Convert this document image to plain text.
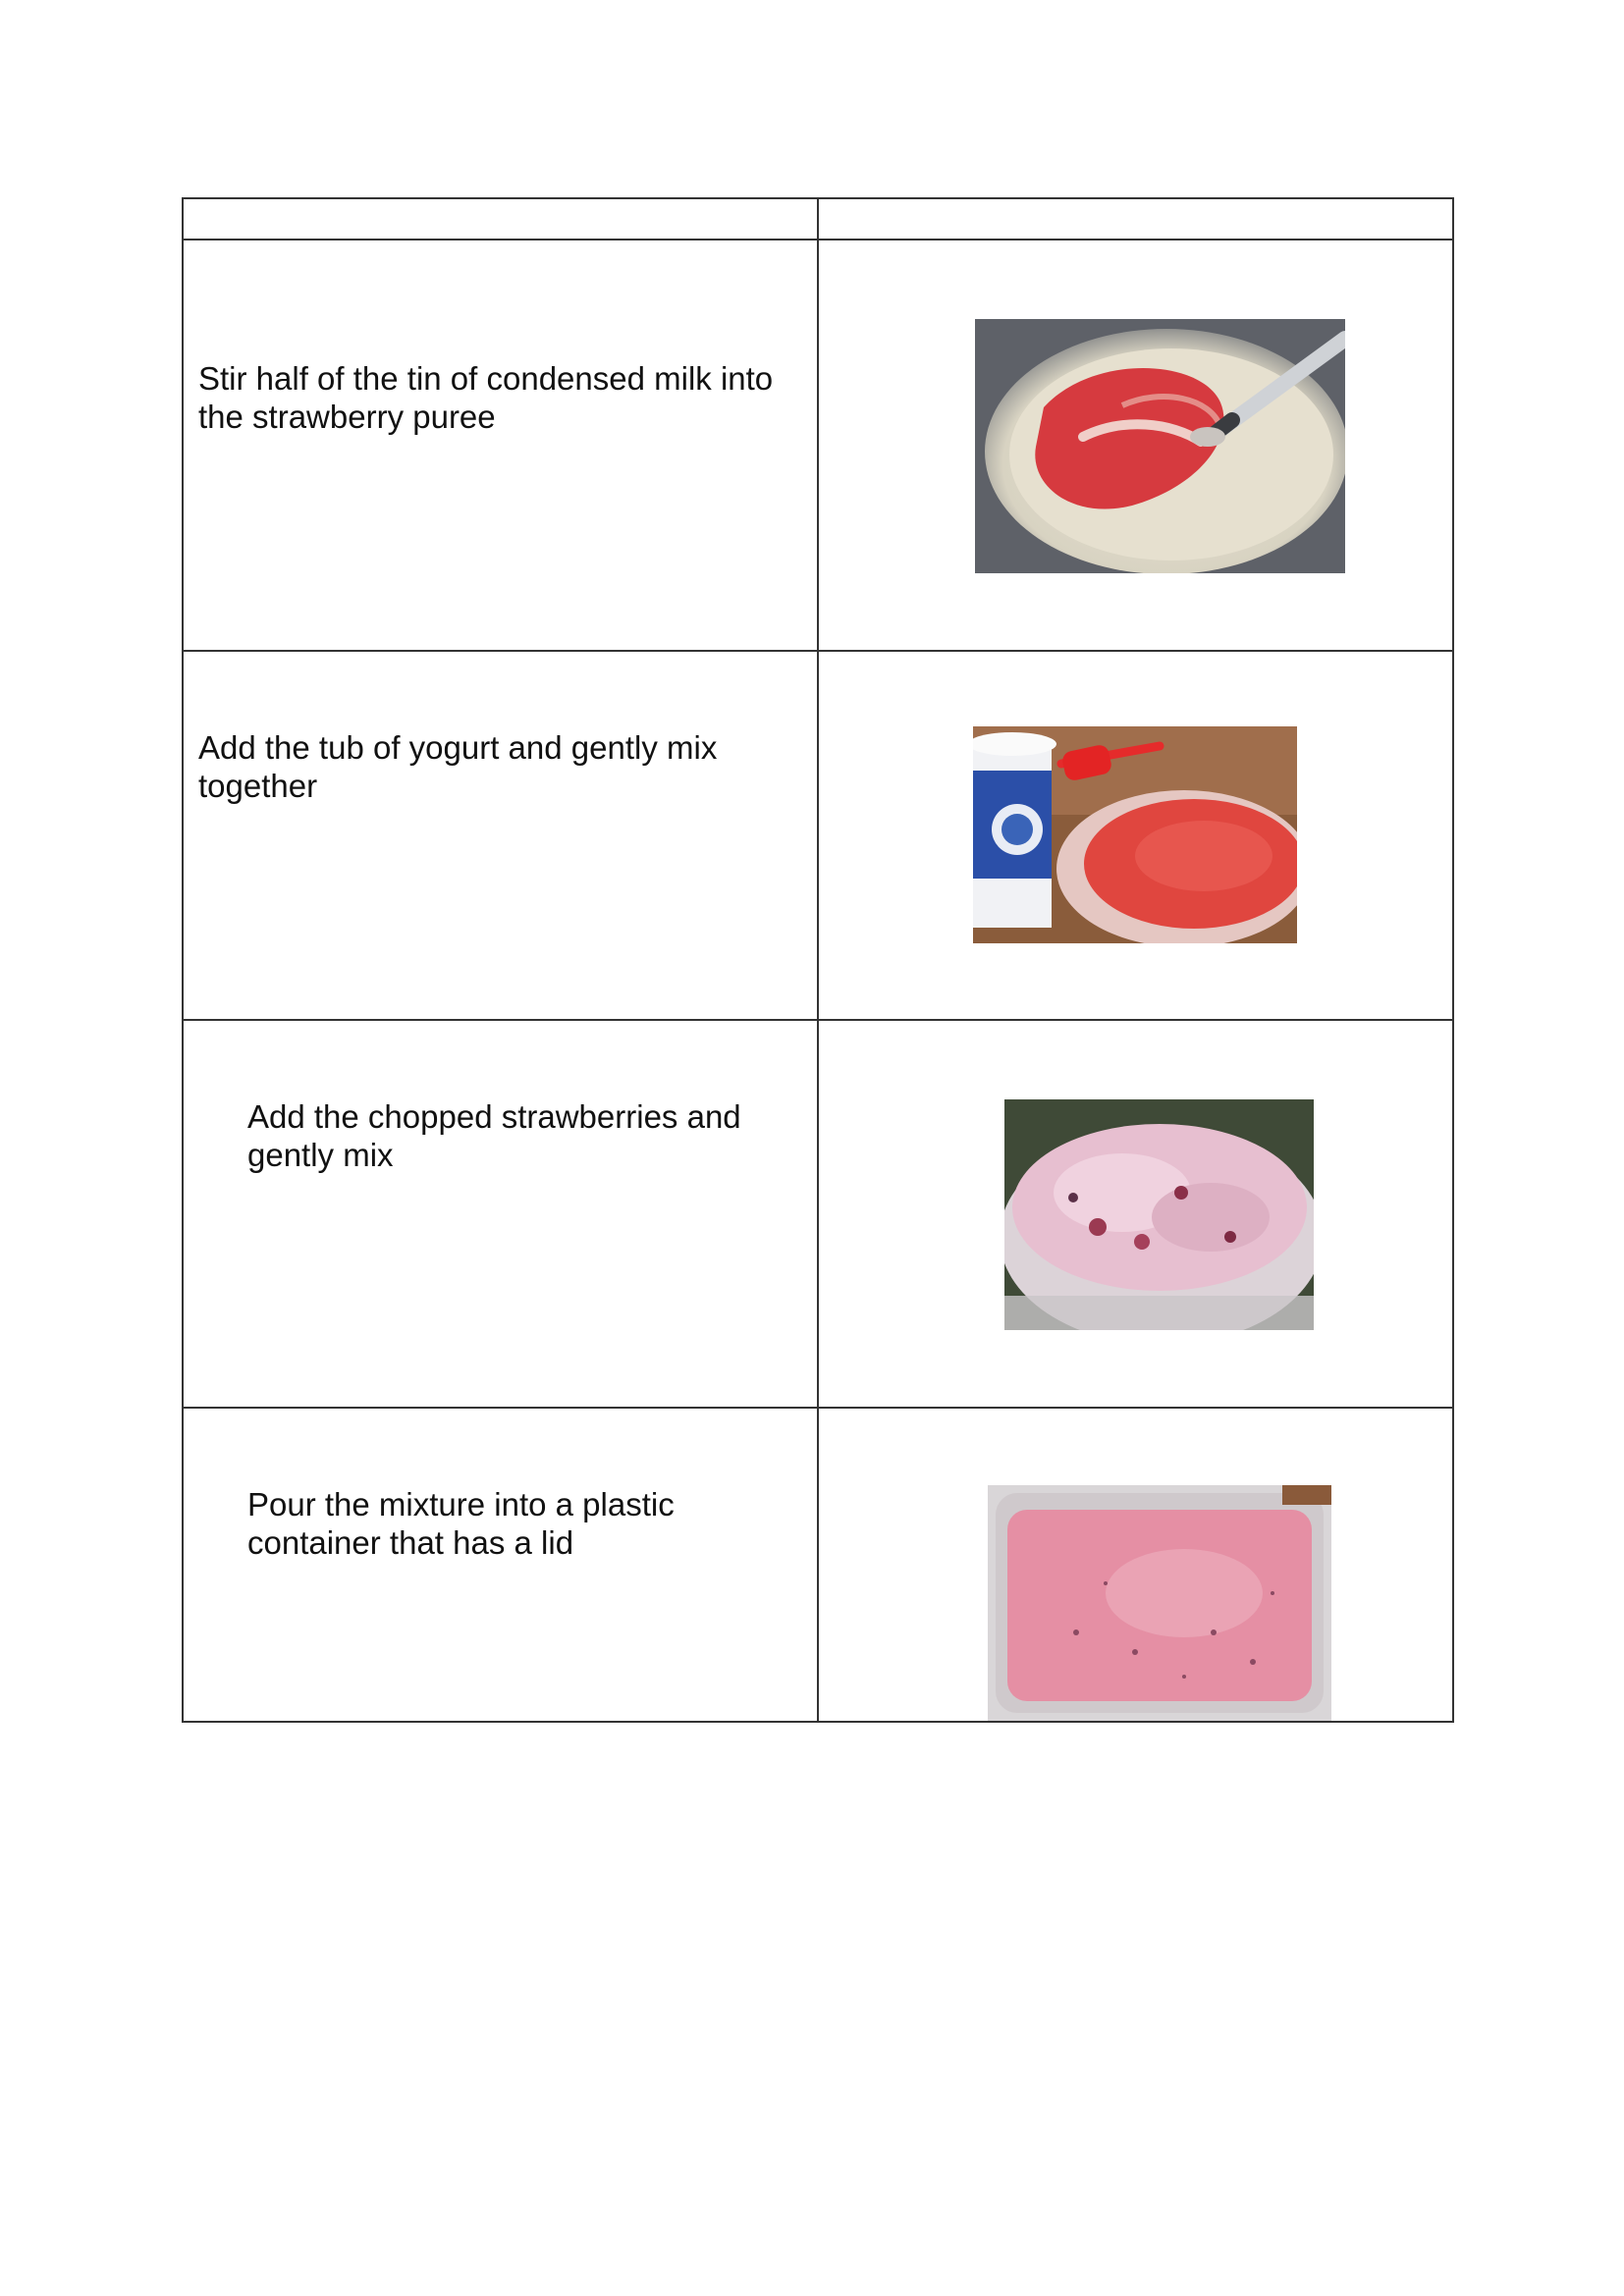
Stir half of the tin of condensed milk into the strawberry puree

Add the tub of yogurt and gently mix together

Add the chopped strawberries and gently mix

Pour the mixture into a plastic container that has a lid
